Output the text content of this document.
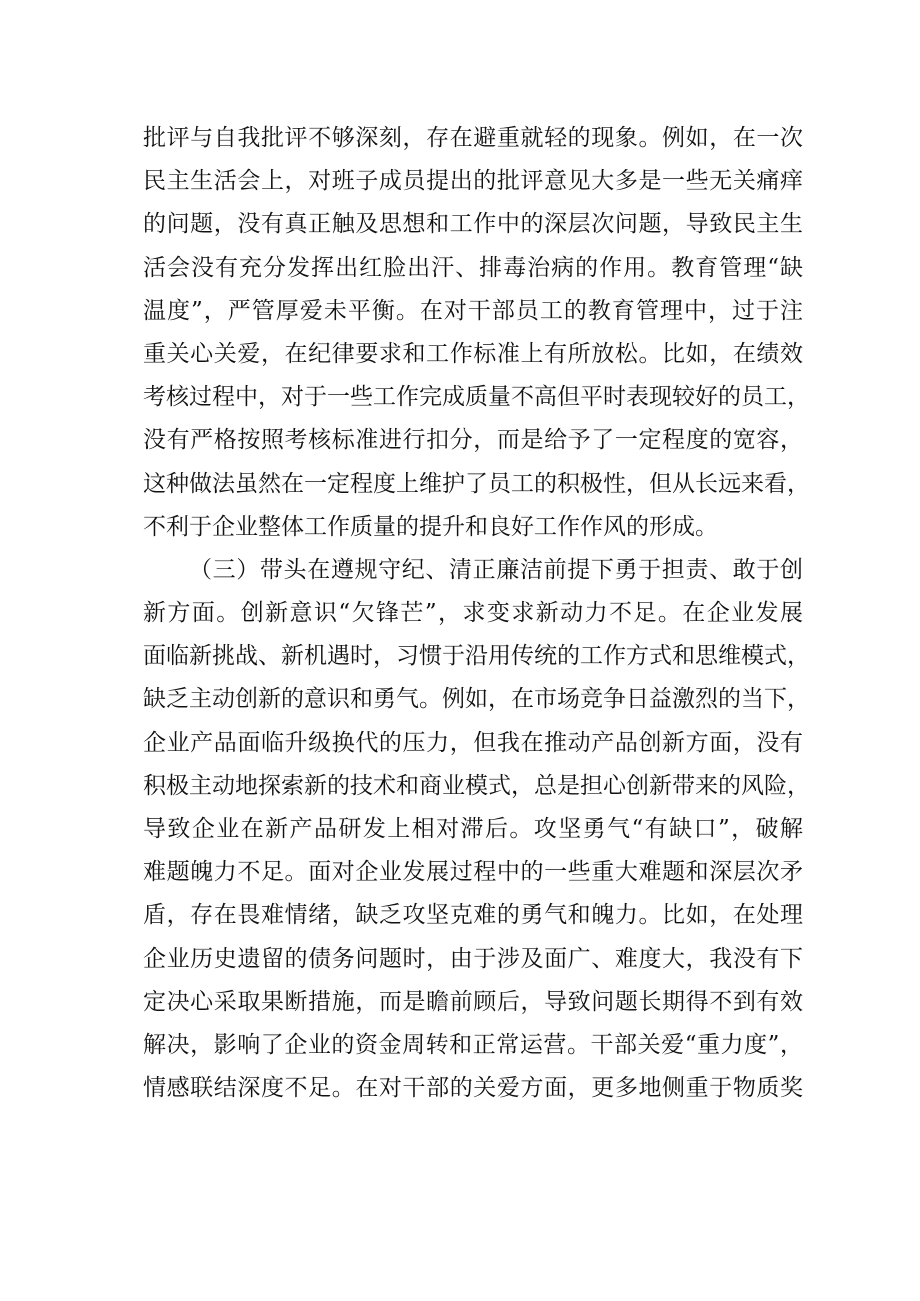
批评与自我批评不够深刻，存在避重就轻的现象。例如，在一次
民主生活会上，对班子成员提出的批评意见大多是一些无关痛痒
的问题，没有真正触及思想和工作中的深层次问题，导致民主生
活会没有充分发挥出红脸出汗、排毒治病的作用。教育管理“缺
温度”，严管厚爱未平衡。在对干部员工的教育管理中，过于注
重关心关爱，在纪律要求和工作标准上有所放松。比如，在绩效
考核过程中，对于一些工作完成质量不高但平时表现较好的员工，
没有严格按照考核标准进行扣分，而是给予了一定程度的宽容，
这种做法虽然在一定程度上维护了员工的积极性，但从长远来看，
不利于企业整体工作质量的提升和良好工作作风的形成。
（三）带头在遵规守纪、清正廉洁前提下勇于担责、敢于创
新方面。创新意识“欠锋芒”，求变求新动力不足。在企业发展
面临新挑战、新机遇时，习惯于沿用传统的工作方式和思维模式，
缺乏主动创新的意识和勇气。例如，在市场竞争日益激烈的当下，
企业产品面临升级换代的压力，但我在推动产品创新方面，没有
积极主动地探索新的技术和商业模式，总是担心创新带来的风险，
导致企业在新产品研发上相对滞后。攻坚勇气“有缺口”，破解
难题魄力不足。面对企业发展过程中的一些重大难题和深层次矛
盾，存在畏难情绪，缺乏攻坚克难的勇气和魄力。比如，在处理
企业历史遗留的债务问题时，由于涉及面广、难度大，我没有下
定决心采取果断措施，而是瞻前顾后，导致问题长期得不到有效
解决，影响了企业的资金周转和正常运营。干部关爱“重力度”，
情感联结深度不足。在对干部的关爱方面，更多地侧重于物质奖
